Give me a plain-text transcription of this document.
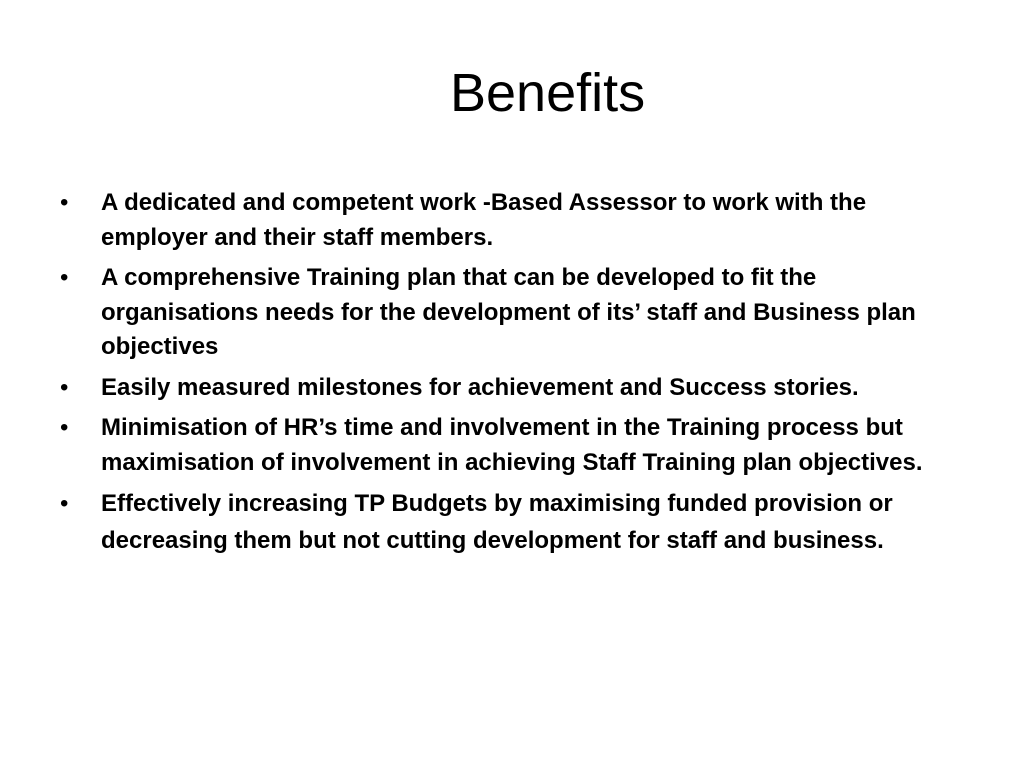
Benefits
•	A dedicated and competent work -Based Assessor to work with the employer and their staff members.
•	A comprehensive Training plan that can be developed to fit the organisations needs for the development of its’ staff and Business plan objectives
•	Easily measured milestones for achievement and Success stories.
•	Minimisation of HR’s time and involvement in the Training process but maximisation of involvement in achieving Staff Training plan objectives.
•	Effectively increasing TP Budgets by maximising funded provision or decreasing them but not cutting development for staff and business.
